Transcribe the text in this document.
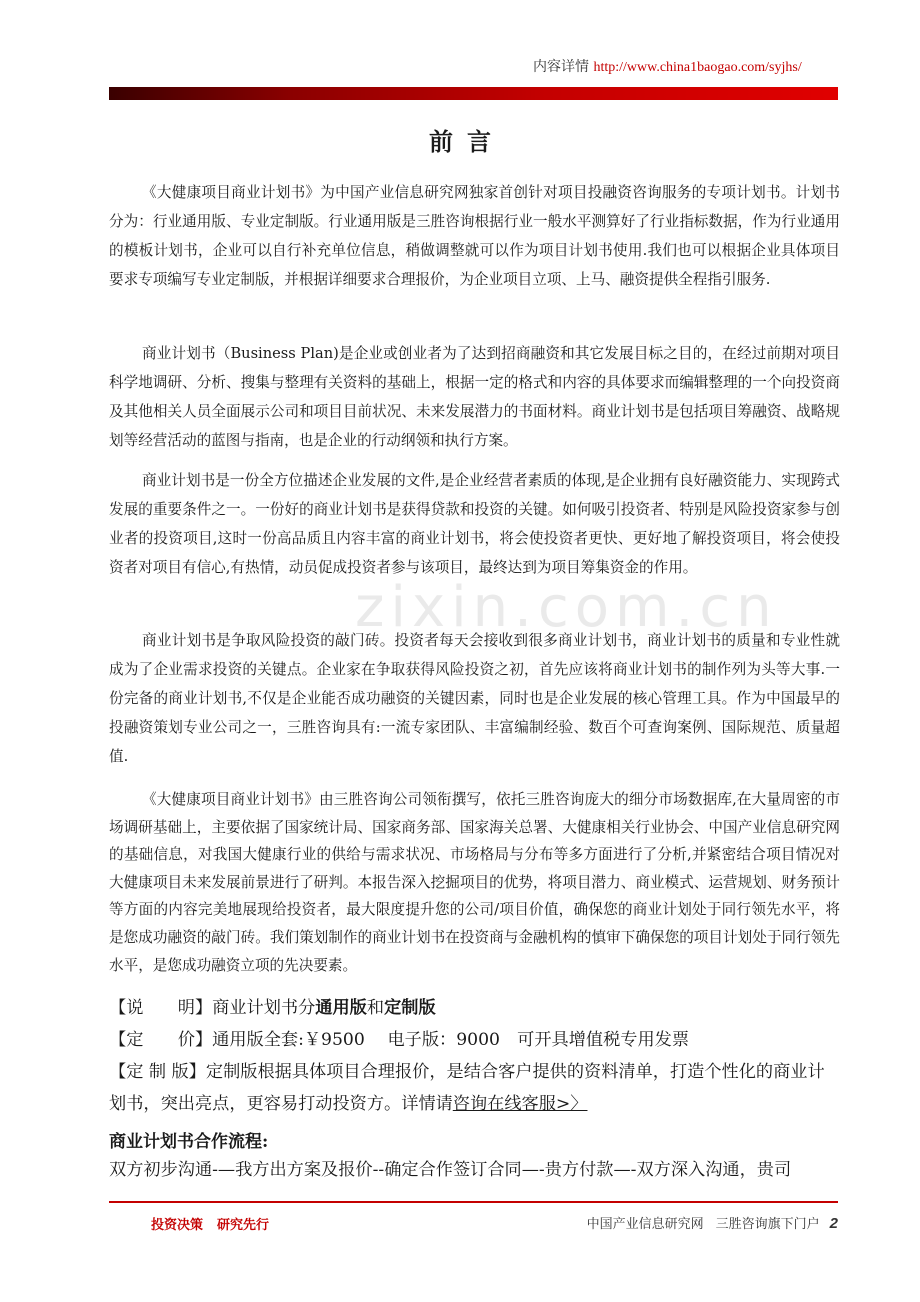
内容详情 http://www.china1baogao.com/syjhs/
zixin.com.cn
前言

《大健康项目商业计划书》为中国产业信息研究网独家首创针对项目投融资咨询服务的专项计划书。计划书分为：行业通用版、专业定制版。行业通用版是三胜咨询根据行业一般水平测算好了行业指标数据，作为行业通用的模板计划书，企业可以自行补充单位信息，稍做调整就可以作为项目计划书使用.我们也可以根据企业具体项目要求专项编写专业定制版，并根据详细要求合理报价，为企业项目立项、上马、融资提供全程指引服务.

商业计划书（Business Plan)是企业或创业者为了达到招商融资和其它发展目标之目的，在经过前期对项目科学地调研、分析、搜集与整理有关资料的基础上，根据一定的格式和内容的具体要求而编辑整理的一个向投资商及其他相关人员全面展示公司和项目目前状况、未来发展潜力的书面材料。商业计划书是包括项目筹融资、战略规划等经营活动的蓝图与指南，也是企业的行动纲领和执行方案。

商业计划书是一份全方位描述企业发展的文件,是企业经营者素质的体现,是企业拥有良好融资能力、实现跨式发展的重要条件之一。一份好的商业计划书是获得贷款和投资的关键。如何吸引投资者、特别是风险投资家参与创业者的投资项目,这时一份高品质且内容丰富的商业计划书，将会使投资者更快、更好地了解投资项目，将会使投资者对项目有信心,有热情，动员促成投资者参与该项目，最终达到为项目筹集资金的作用。

商业计划书是争取风险投资的敲门砖。投资者每天会接收到很多商业计划书，商业计划书的质量和专业性就成为了企业需求投资的关键点。企业家在争取获得风险投资之初，首先应该将商业计划书的制作列为头等大事.一份完备的商业计划书,不仅是企业能否成功融资的关键因素，同时也是企业发展的核心管理工具。作为中国最早的投融资策划专业公司之一，三胜咨询具有:一流专家团队、丰富编制经验、数百个可查询案例、国际规范、质量超值.

《大健康项目商业计划书》由三胜咨询公司领衔撰写，依托三胜咨询庞大的细分市场数据库,在大量周密的市场调研基础上，主要依据了国家统计局、国家商务部、国家海关总署、大健康相关行业协会、中国产业信息研究网的基础信息，对我国大健康行业的供给与需求状况、市场格局与分布等多方面进行了分析,并紧密结合项目情况对大健康项目未来发展前景进行了研判。本报告深入挖掘项目的优势，将项目潜力、商业模式、运营规划、财务预计等方面的内容完美地展现给投资者，最大限度提升您的公司/项目价值，确保您的商业计划处于同行领先水平，将是您成功融资的敲门砖。我们策划制作的商业计划书在投资商与金融机构的慎审下确保您的项目计划处于同行领先水平，是您成功融资立项的先决要素。

【说　　明】商业计划书分通用版和定制版

【定　　价】通用版全套:￥9500　 电子版：9000　可开具增值税专用发票

【定 制 版】定制版根据具体项目合理报价，是结合客户提供的资料清单，打造个性化的商业计划书，突出亮点，更容易打动投资方。详情请咨询在线客服>〉

商业计划书合作流程:
双方初步沟通-—我方出方案及报价--确定合作签订合同—-贵方付款—-双方深入沟通，贵司
投资决策 研究先行	中国产业信息研究网 三胜咨询旗下门户 2
